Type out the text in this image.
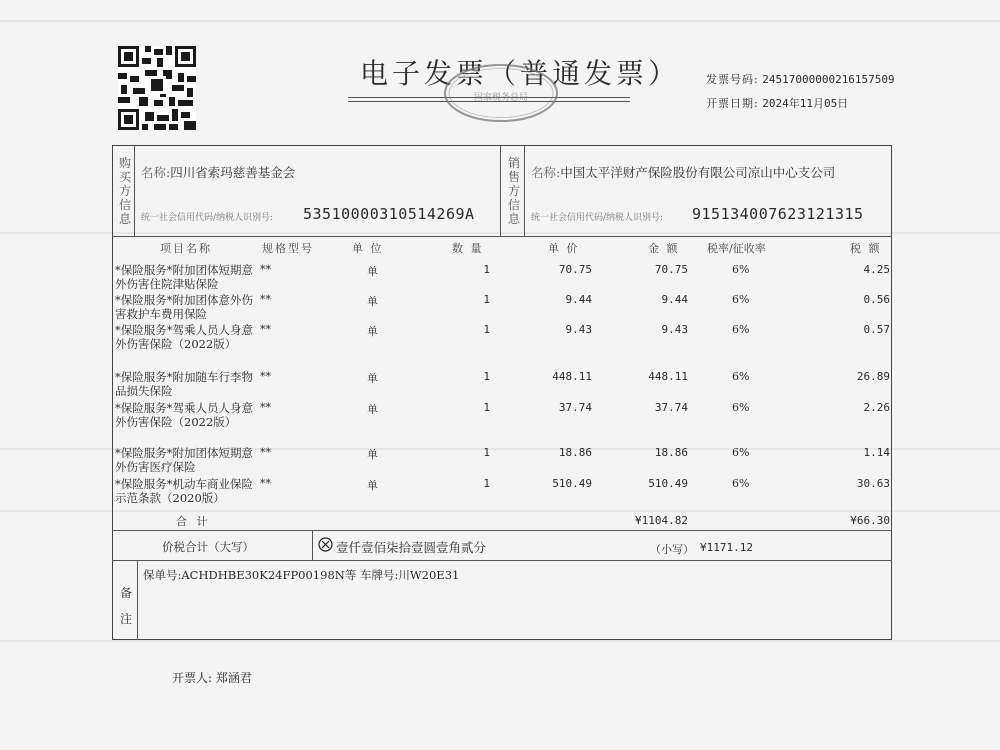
电子发票（普通发票）
国家税务总局
发票号码: 24517000000216157509
开票日期: 2024年11月05日
购买方信息
名称:四川省索玛慈善基金会
统一社会信用代码/纳税人识别号: 53510000310514269A
销售方信息
名称:中国太平洋财产保险股份有限公司凉山中心支公司
统一社会信用代码/纳税人识别号: 915134007623121315
项目名称	规格型号	单 位	数 量	单 价	金 额	税率/征收率	税 额
*保险服务*附加团体短期意外伤害住院津贴保险
**	单	1	70.75	70.75	6%	4.25
*保险服务*附加团体意外伤害救护车费用保险
**	单	1	9.44	9.44	6%	0.56
*保险服务*驾乘人员人身意外伤害保险（2022版）
**	单	1	9.43	9.43	6%	0.57
*保险服务*附加随车行李物品损失保险
**	单	1	448.11	448.11	6%	26.89
*保险服务*驾乘人员人身意外伤害保险（2022版）
**	单	1	37.74	37.74	6%	2.26
*保险服务*附加团体短期意外伤害医疗保险
**	单	1	18.86	18.86	6%	1.14
*保险服务*机动车商业保险示范条款（2020版）
**	单	1	510.49	510.49	6%	30.63
合 计	¥1104.82	¥66.30
价税合计（大写）	壹仟壹佰柒拾壹圆壹角贰分	（小写） ¥1171.12
备
注
保单号:ACHDHBE30K24FP00198N等 车牌号:川W20E31
开票人: 郑涵君
